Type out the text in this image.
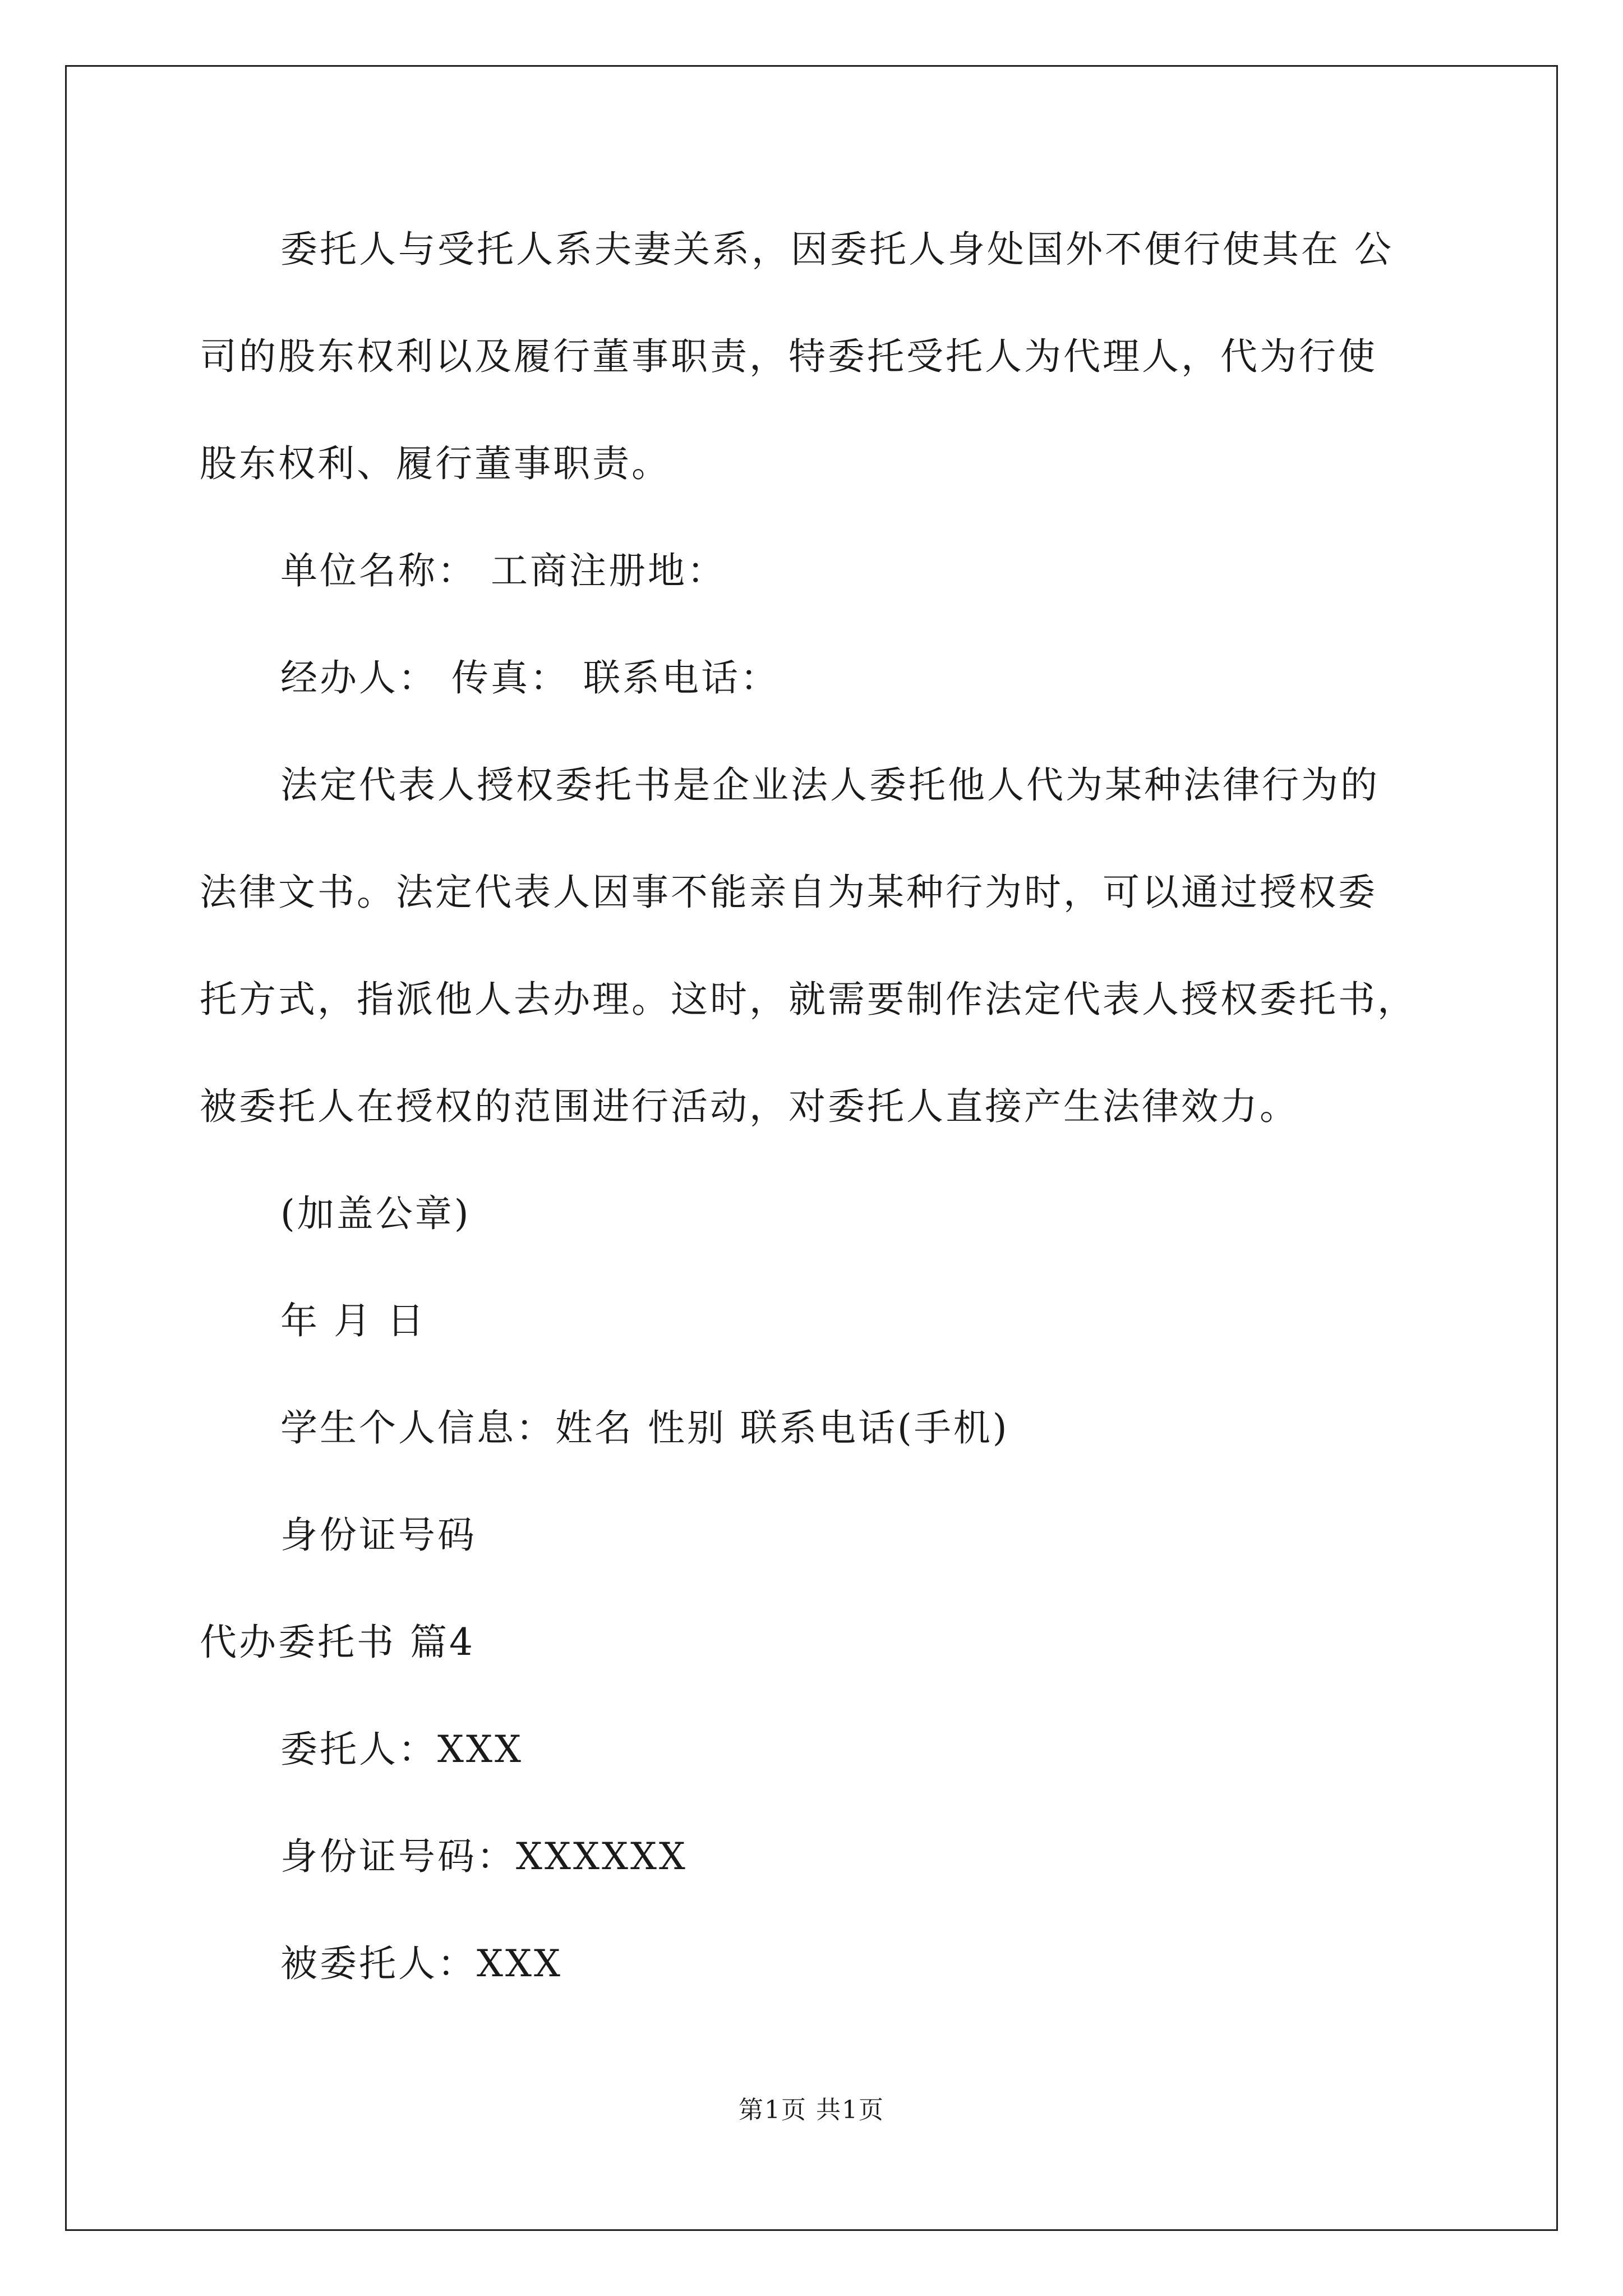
委托人与受托人系夫妻关系，因委托人身处国外不便行使其在 公

司的股东权利以及履行董事职责，特委托受托人为代理人，代为行使

股东权利、履行董事职责。

单位名称： 工商注册地：

经办人： 传真： 联系电话：

法定代表人授权委托书是企业法人委托他人代为某种法律行为的

法律文书。法定代表人因事不能亲自为某种行为时，可以通过授权委

托方式，指派他人去办理。这时，就需要制作法定代表人授权委托书，

被委托人在授权的范围进行活动，对委托人直接产生法律效力。

(加盖公章)

年 月 日

学生个人信息：姓名 性别 联系电话(手机)

身份证号码

代办委托书 篇4

委托人：XXX

身份证号码：XXXXXX

被委托人：XXX

第1页 共1页
